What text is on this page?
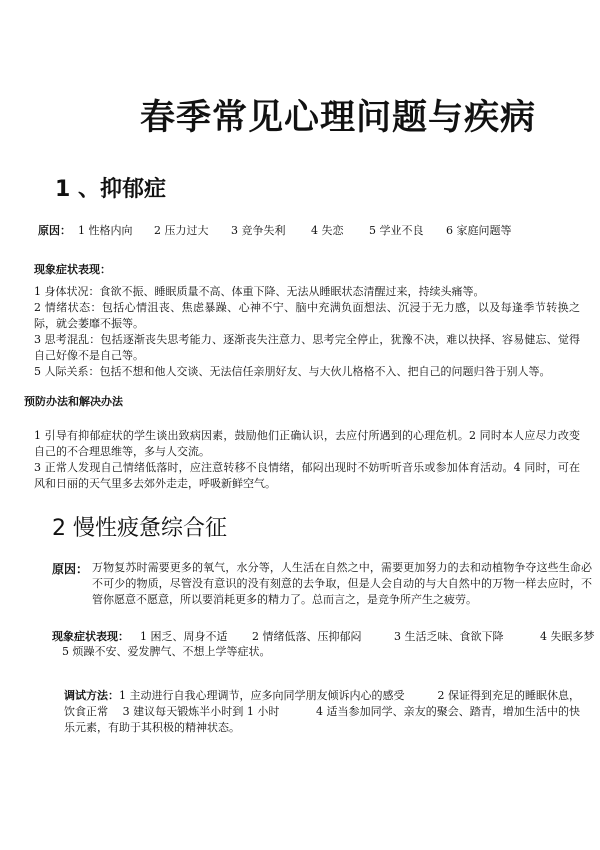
春季常见心理问题与疾病
1 、抑郁症
原因： 1 性格内向 2 压力过大 3 竞争失利 4 失恋 5 学业不良 6 家庭问题等
现象症状表现：
1 身体状况：食欲不振、睡眠质量不高、体重下降、无法从睡眠状态清醒过来，持续头痛等。
2 情绪状态：包括心情沮丧、焦虑暴躁、心神不宁、脑中充满负面想法、沉浸于无力感，以及每逢季节转换之际，就会萎靡不振等。
3 思考混乱：包括逐渐丧失思考能力、逐渐丧失注意力、思考完全停止，犹豫不决，难以抉择、容易健忘、觉得自己好像不是自己等。
5 人际关系：包括不想和他人交谈、无法信任亲朋好友、与大伙儿格格不入、把自己的问题归咎于别人等。
预防办法和解决办法
1 引导有抑郁症状的学生谈出致病因素，鼓励他们正确认识，去应付所遇到的心理危机。2 同时本人应尽力改变自己的不合理思维等，多与人交流。
3 正常人发现自己情绪低落时，应注意转移不良情绪，郁闷出现时不妨听听音乐或参加体育活动。4 同时，可在风和日丽的天气里多去郊外走走，呼吸新鲜空气。
2 慢性疲惫综合征
原因： 万物复苏时需要更多的氧气，水分等，人生活在自然之中，需要更加努力的去和动植物争夺这些生命必不可少的物质，尽管没有意识的没有刻意的去争取，但是人会自动的与大自然中的万物一样去应时，不管你愿意不愿意，所以要消耗更多的精力了。总而言之，是竞争所产生之疲劳。
现象症状表现： 1 困乏、周身不适 2 情绪低落、压抑郁闷	3 生活乏味、食欲下降	4 失眠多梦
5 烦躁不安、爱发脾气、不想上学等症状。
调试方法：1 主动进行自我心理调节，应多向同学朋友倾诉内心的感受　　　2 保证得到充足的睡眠休息，饮食正常　 3 建议每天锻炼半小时到 1 小时　　　 4 适当参加同学、亲友的聚会、踏青，增加生活中的快乐元素，有助于其积极的精神状态。
